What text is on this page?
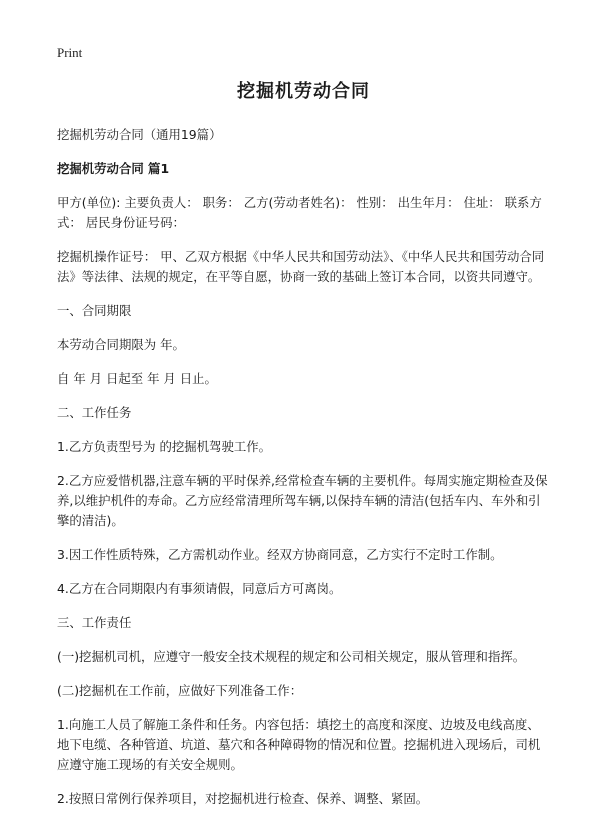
Print
挖掘机劳动合同
挖掘机劳动合同（通用19篇）
挖掘机劳动合同 篇1
甲方(单位): 主要负责人： 职务： 乙方(劳动者姓名)： 性别： 出生年月： 住址： 联系方式： 居民身份证号码：
挖掘机操作证号： 甲、乙双方根据《中华人民共和国劳动法》、《中华人民共和国劳动合同法》等法律、法规的规定，在平等自愿，协商一致的基础上签订本合同，以资共同遵守。
一、合同期限
本劳动合同期限为 年。
自 年 月 日起至 年 月 日止。
二、工作任务
1.乙方负责型号为 的挖掘机驾驶工作。
2.乙方应爱惜机器,注意车辆的平时保养,经常检查车辆的主要机件。每周实施定期检查及保养,以维护机件的寿命。乙方应经常清理所驾车辆,以保持车辆的清洁(包括车内、车外和引擎的清洁)。
3.因工作性质特殊，乙方需机动作业。经双方协商同意，乙方实行不定时工作制。
4.乙方在合同期限内有事须请假，同意后方可离岗。
三、工作责任
(一)挖掘机司机，应遵守一般安全技术规程的规定和公司相关规定，服从管理和指挥。
(二)挖掘机在工作前，应做好下列准备工作：
1.向施工人员了解施工条件和任务。内容包括：填挖土的高度和深度、边坡及电线高度、地下电缆、各种管道、坑道、墓穴和各种障碍物的情况和位置。挖掘机进入现场后，司机应遵守施工现场的有关安全规则。
2.按照日常例行保养项目，对挖掘机进行检查、保养、调整、紧固。
